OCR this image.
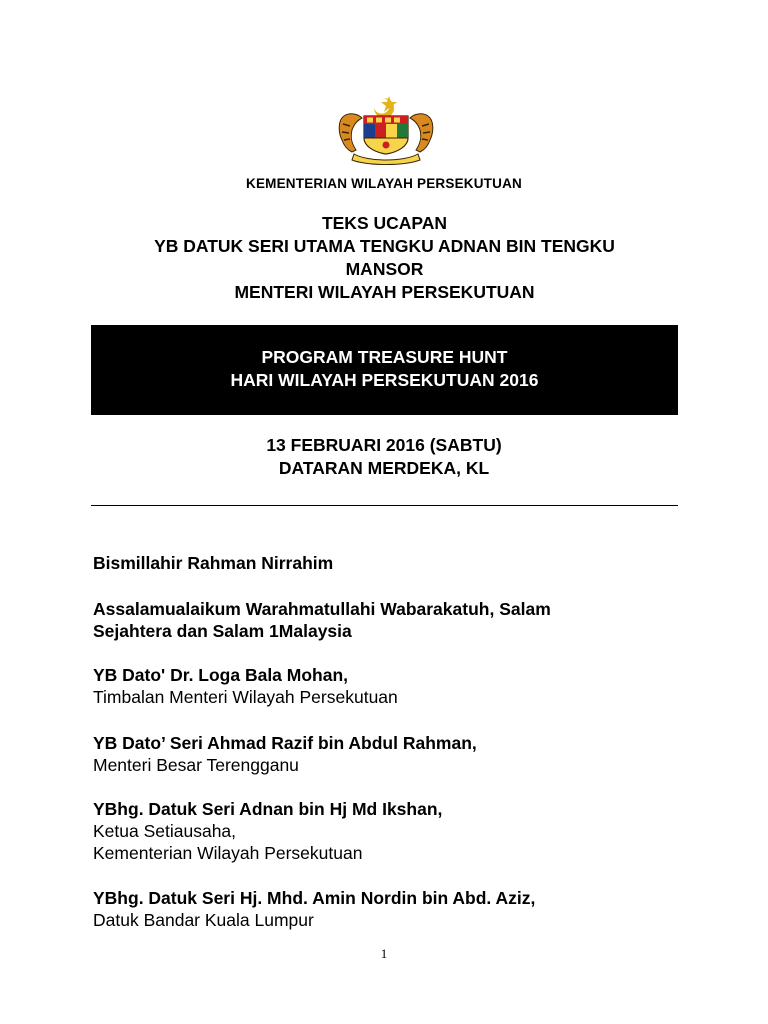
KEMENTERIAN WILAYAH PERSEKUTUAN
TEKS UCAPAN
YB DATUK SERI UTAMA TENGKU ADNAN BIN TENGKU
MANSOR
MENTERI WILAYAH PERSEKUTUAN
PROGRAM TREASURE HUNT
HARI WILAYAH PERSEKUTUAN 2016
13 FEBRUARI 2016 (SABTU)
DATARAN MERDEKA, KL
Bismillahir Rahman Nirrahim
Assalamualaikum Warahmatullahi Wabarakatuh, Salam
Sejahtera dan Salam 1Malaysia
YB Dato' Dr. Loga Bala Mohan,
Timbalan Menteri Wilayah Persekutuan
YB Dato’ Seri Ahmad Razif bin Abdul Rahman,
Menteri Besar Terengganu
YBhg. Datuk Seri Adnan bin Hj Md Ikshan,
Ketua Setiausaha,
Kementerian Wilayah Persekutuan
YBhg. Datuk Seri Hj. Mhd. Amin Nordin bin Abd. Aziz,
Datuk Bandar Kuala Lumpur
1
